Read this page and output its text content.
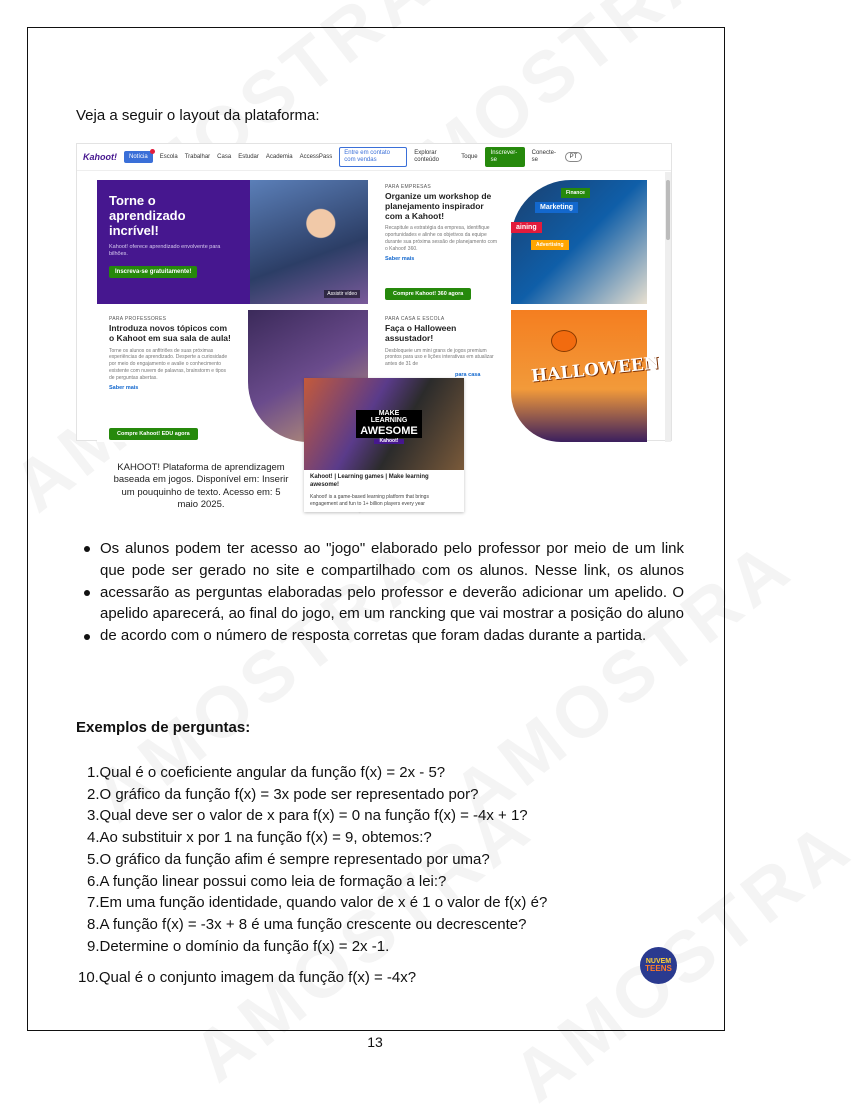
Veja a seguir o layout da plataforma:
Kahoot!	Notícia	Escola Trabalhar Casa Estudar Academia AccessPass
Entre em contato com vendas
Explorar conteúdo	Toque
Inscrever-se
Conecte-se	PT
Torne o aprendizado incrível!
Kahoot! oferece aprendizado envolvente para bilhões.
Inscreva-se gratuitamente!
Assistir vídeo
PARA EMPRESAS
Organize um workshop de planejamento inspirador com a Kahoot!
Recapitule a estratégia da empresa, identifique oportunidades e alinhe os objetivos da equipe durante sua próxima sessão de planejamento com o Kahoot! 360.
Saber mais
Compre Kahoot! 360 agora
Marketing
Finance
aining
Advertising
PARA PROFESSORES
Introduza novos tópicos com o Kahoot em sua sala de aula!
Torne os alunos os anfitriões de suas próximas experiências de aprendizado. Desperte a curiosidade por meio do engajamento e avalie o conhecimento existente com nuvem de palavras, brainstorm e tipos de perguntas abertas.
Saber mais
Compre Kahoot! EDU agora
PARA CASA E ESCOLA
Faça o Halloween assustador!
Desbloqueie um mini grans de jogos premium prontos para uso e lições interativas em atualizar antes de 31 de
para casa	HALLOWEEN
MAKE
LEARNING
AWESOME
Kahoot!
Kahoot! | Learning games | Make learning awesome!
Kahoot! is a game-based learning platform that brings engagement and fun to 1+ billion players every year
KAHOOT! Plataforma de aprendizagem baseada em jogos. Disponível em: Inserir um pouquinho de texto. Acesso em: 5 maio 2025.
Os alunos podem ter acesso ao "jogo" elaborado pelo professor por meio de um link que pode ser gerado no site e compartilhado com os alunos. Nesse link, os alunos acessarão as perguntas elaboradas pelo professor e deverão adicionar um apelido. O apelido aparecerá, ao final do jogo, em um rancking que vai mostrar a posição do aluno de acordo com o número de resposta corretas que foram dadas durante a partida.
Exemplos de perguntas:
1.Qual é o coeficiente angular da função f(x) = 2x - 5?
2.O gráfico da função f(x) = 3x pode ser representado por?
3.Qual deve ser o valor de x para f(x) = 0 na função f(x) = -4x + 1?
4.Ao substituir x por 1 na função f(x) = 9, obtemos:?
5.O gráfico da função afim é sempre representado por uma?
6.A função linear possui como leia de formação a lei:?
7.Em uma função identidade, quando valor de x é 1 o valor de f(x) é?
8.A função f(x) = -3x + 8 é uma função crescente ou decrescente?
9.Determine o domínio da função f(x) = 2x -1.
10.Qual é o conjunto imagem da função f(x) = -4x?
NUVEM
TEENS
13
